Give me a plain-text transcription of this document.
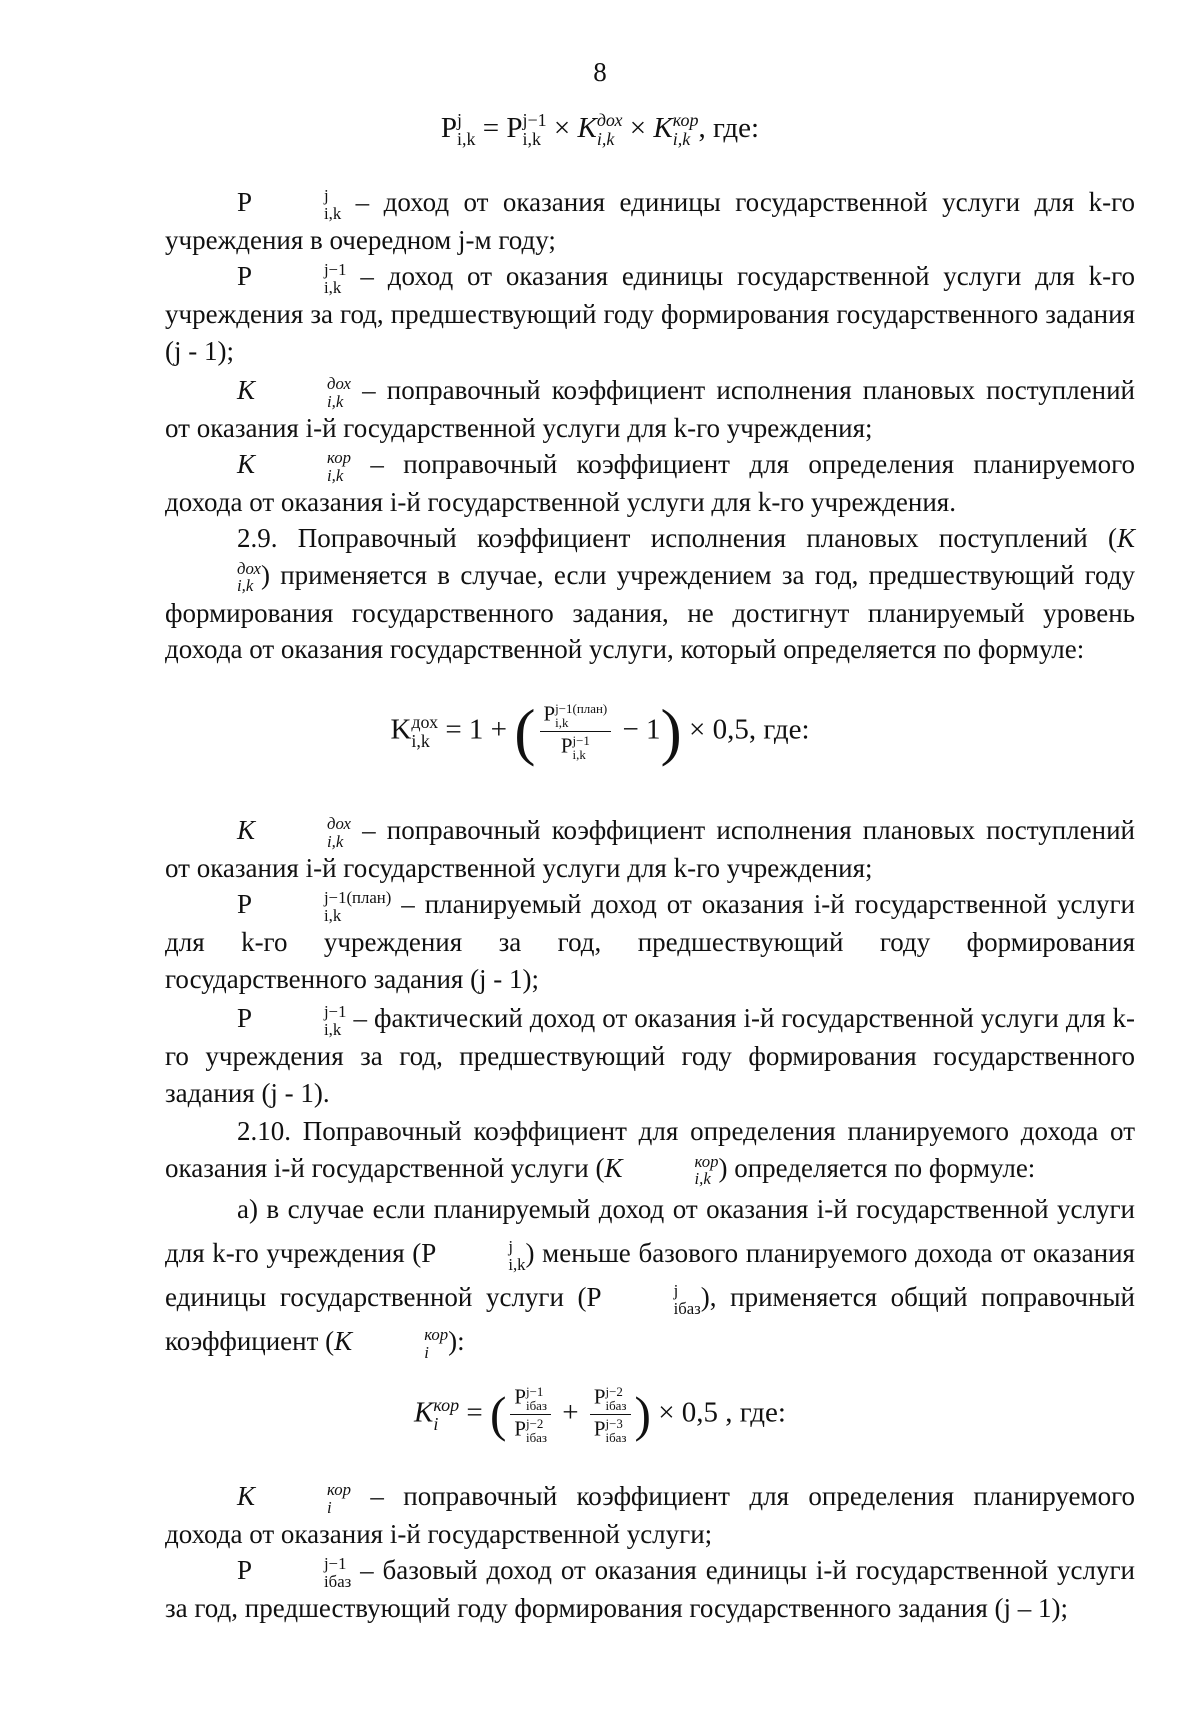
8
P j
i,k = P j−1
i,k × K дох
i,k × K кор
i,k , где:
P	j
i,k – доход от оказания единицы государственной услуги для k-го учреждения в очередном j-м году;
P	j−1
i,k – доход от оказания единицы государственной услуги для k-го учреждения за год, предшествующий году формирования государственного задания (j - 1);
K	дох
i,k – поправочный коэффициент исполнения плановых поступлений от оказания i-й государственной услуги для k-го учреждения;
K	кор
i,k – поправочный коэффициент для определения планируемого дохода от оказания i-й государственной услуги для k-го учреждения.
2.9. Поправочный коэффициент исполнения плановых поступлений (K
дох
i,k ) применяется в случае, если учреждением за год, предшествующий году формирования государственного задания, не достигнут планируемый уровень дохода от оказания государственной услуги, который определяется по формуле:
K дох
i,k = 1 + ( P j−1(план)
i,k
P j−1
i,k − 1) × 0,5, где:
K	дох
i,k – поправочный коэффициент исполнения плановых поступлений от оказания i-й государственной услуги для k-го учреждения;
P	j−1(план)
i,k	– планируемый доход от оказания i-й государственной услуги для k-го учреждения за год, предшествующий году формирования государственного задания (j - 1);
P	j−1
i,k – фактический доход от оказания i-й государственной услуги для k-го учреждения за год, предшествующий году формирования государственного задания (j - 1).
2.10. Поправочный коэффициент для определения планируемого дохода от оказания i-й государственной услуги (K	кор
i,k ) определяется по формуле:
а) в случае если планируемый доход от оказания i-й государственной услуги для k-го учреждения (P	j
i,k ) меньше базового планируемого дохода от оказания единицы государственной услуги (P	j
iбаз ), применяется общий поправочный коэффициент (K	кор
i ):
K кор
i = ( P j−1
iбаз
P j−2
iбаз + P j−2
iбаз
P j−3
iбаз ) × 0,5 , где:
K	кор
i – поправочный коэффициент для определения планируемого дохода от оказания i-й государственной услуги;
P	j−1
iбаз – базовый доход от оказания единицы i-й государственной услуги за год, предшествующий году формирования государственного задания (j – 1);
